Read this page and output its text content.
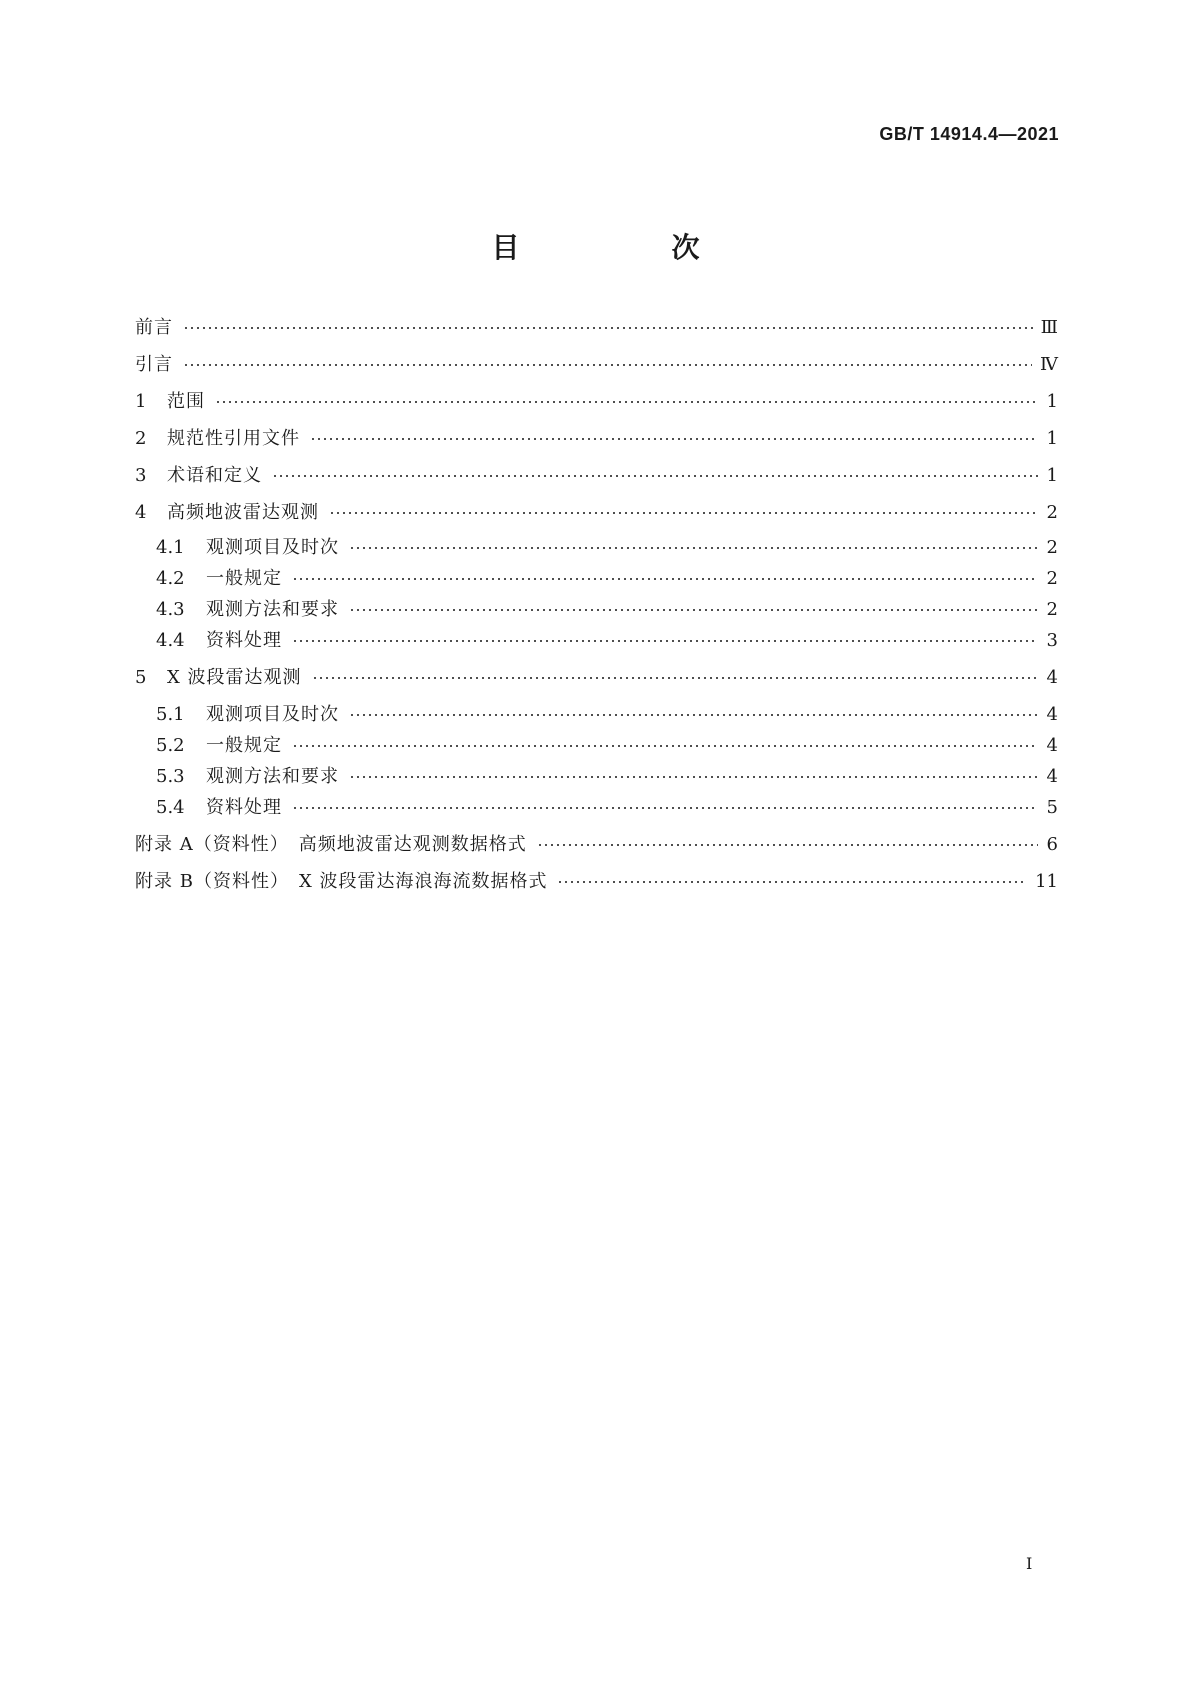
GB/T 14914.4—2021
目　次
前言	Ⅲ
引言	Ⅳ
1	范围	1
2	规范性引用文件	1
3	术语和定义	1
4	高频地波雷达观测	2
4.1	观测项目及时次	2
4.2	一般规定	2
4.3	观测方法和要求	2
4.4	资料处理	3
5	X 波段雷达观测	4
5.1	观测项目及时次	4
5.2	一般规定	4
5.3	观测方法和要求	4
5.4	资料处理	5
附录 A（资料性）　高频地波雷达观测数据格式	6
附录 B（资料性）　X 波段雷达海浪海流数据格式	11
I
